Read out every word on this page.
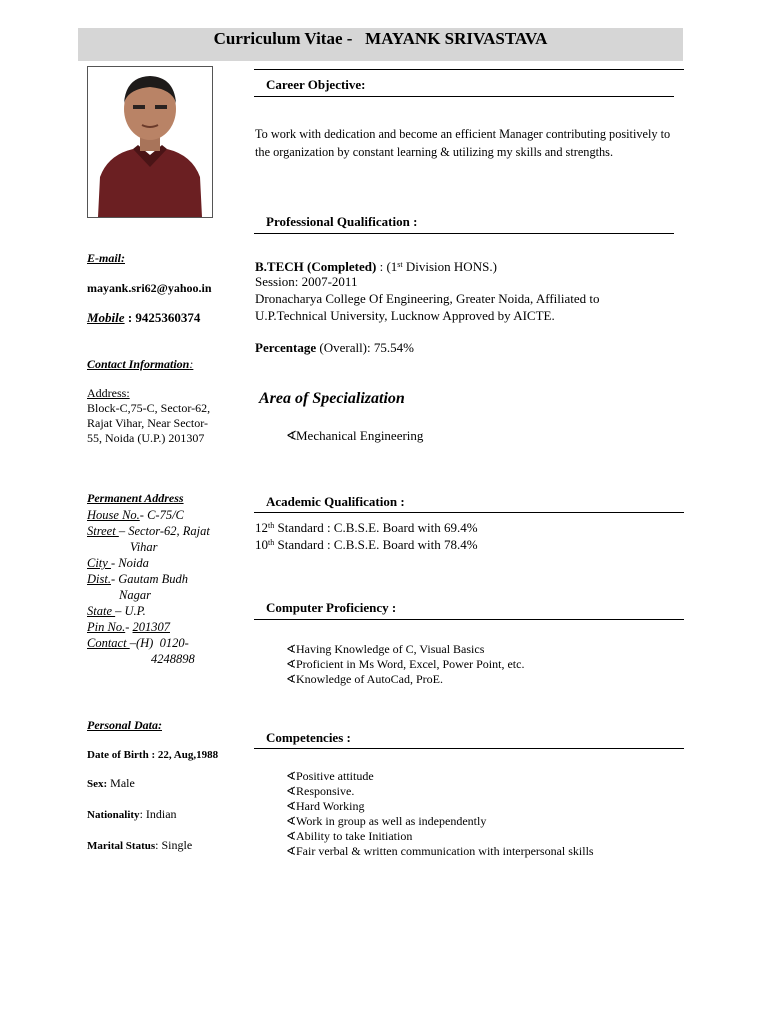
Curriculum Vitae -   MAYANK SRIVASTAVA
Career Objective:
To work with dedication and become an efficient Manager contributing positively to the organization by constant learning & utilizing my skills and strengths.
Professional Qualification :
B.TECH (Completed) : (1st Division HONS.)
Session: 2007-2011
Dronacharya College Of Engineering, Greater Noida, Affiliated to
U.P.Technical University, Lucknow Approved by AICTE.
Percentage (Overall): 75.54%
Area of Specialization
∢Mechanical Engineering
Academic Qualification :
12th Standard : C.B.S.E. Board with 69.4%
10th Standard : C.B.S.E. Board with 78.4%
Computer Proficiency :
∢Having Knowledge of C, Visual Basics
∢Proficient in Ms Word, Excel, Power Point, etc.
∢Knowledge of AutoCad, ProE.
Competencies :
∢Positive attitude
∢Responsive.
∢Hard Working
∢Work in group as well as independently
∢Ability to take Initiation
∢Fair verbal & written communication with interpersonal skills
E-mail:
mayank.sri62@yahoo.in
Mobile : 9425360374
Contact Information:
Address:
Block-C,75-C, Sector-62,
Rajat Vihar, Near Sector-
55, Noida (U.P.) 201307
Permanent Address
House No.- C-75/C
Street – Sector-62, Rajat
Vihar
City - Noida
Dist.- Gautam Budh
Nagar
State – U.P.
Pin No.- 201307
Contact –(H)  0120-
4248898
Personal Data:
Date of Birth : 22, Aug,1988
Sex: Male
Nationality: Indian
Marital Status: Single
